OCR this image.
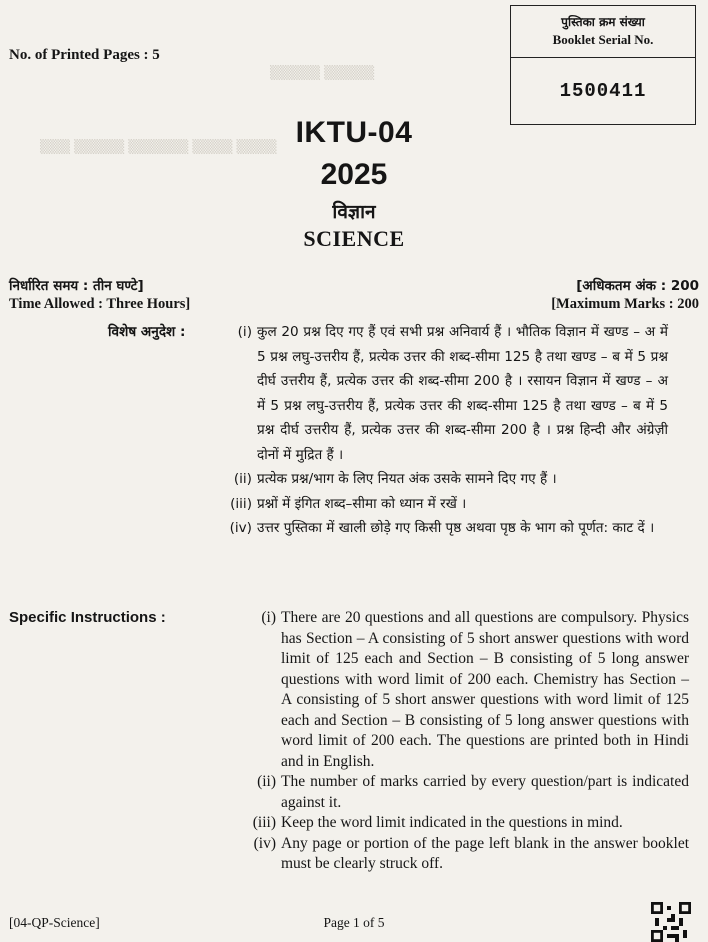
▒▒▒▒▒ ▒▒▒▒▒
▒▒▒ ▒▒▒▒▒ ▒▒▒▒▒▒ ▒▒▒▒ ▒▒▒▒
पुस्तिका क्रम संख्या
Booklet Serial No.
1500411
No. of Printed Pages : 5
IKTU-04
2025
विज्ञान
SCIENCE
निर्धारित समय : तीन घण्टे]	[अधिकतम अंक : 200
Time Allowed : Three Hours]	[Maximum Marks : 200
विशेष अनुदेश :	(i) कुल 20 प्रश्न दिए गए हैं एवं सभी प्रश्न अनिवार्य हैं । भौतिक विज्ञान में खण्ड – अ में 5 प्रश्न लघु-उत्तरीय हैं, प्रत्येक उत्तर की शब्द-सीमा 125 है तथा खण्ड – ब में 5 प्रश्न दीर्घ उत्तरीय हैं, प्रत्येक उत्तर की शब्द-सीमा 200 है । रसायन विज्ञान में खण्ड – अ में 5 प्रश्न लघु-उत्तरीय हैं, प्रत्येक उत्तर की शब्द-सीमा 125 है तथा खण्ड – ब में 5 प्रश्न दीर्घ उत्तरीय हैं, प्रत्येक उत्तर की शब्द-सीमा 200 है । प्रश्न हिन्दी और अंग्रेज़ी दोनों में मुद्रित हैं ।
(ii) प्रत्येक प्रश्न/भाग के लिए नियत अंक उसके सामने दिए गए हैं ।
(iii) प्रश्नों में इंगित शब्द–सीमा को ध्यान में रखें ।
(iv) उत्तर पुस्तिका में खाली छोड़े गए किसी पृष्ठ अथवा पृष्ठ के भाग को पूर्णत: काट दें ।
Specific Instructions :	(i) There are 20 questions and all questions are compulsory. Physics has Section – A consisting of 5 short answer questions with word limit of 125 each and Section – B consisting of 5 long answer questions with word limit of 200 each. Chemistry has Section – A consisting of 5 short answer questions with word limit of 125 each and Section – B consisting of 5 long answer questions with word limit of 200 each. The questions are printed both in Hindi and in English.
(ii) The number of marks carried by every question/part is indicated against it.
(iii) Keep the word limit indicated in the questions in mind.
(iv) Any page or portion of the page left blank in the answer booklet must be clearly struck off.
[04-QP-Science]	Page 1 of 5
